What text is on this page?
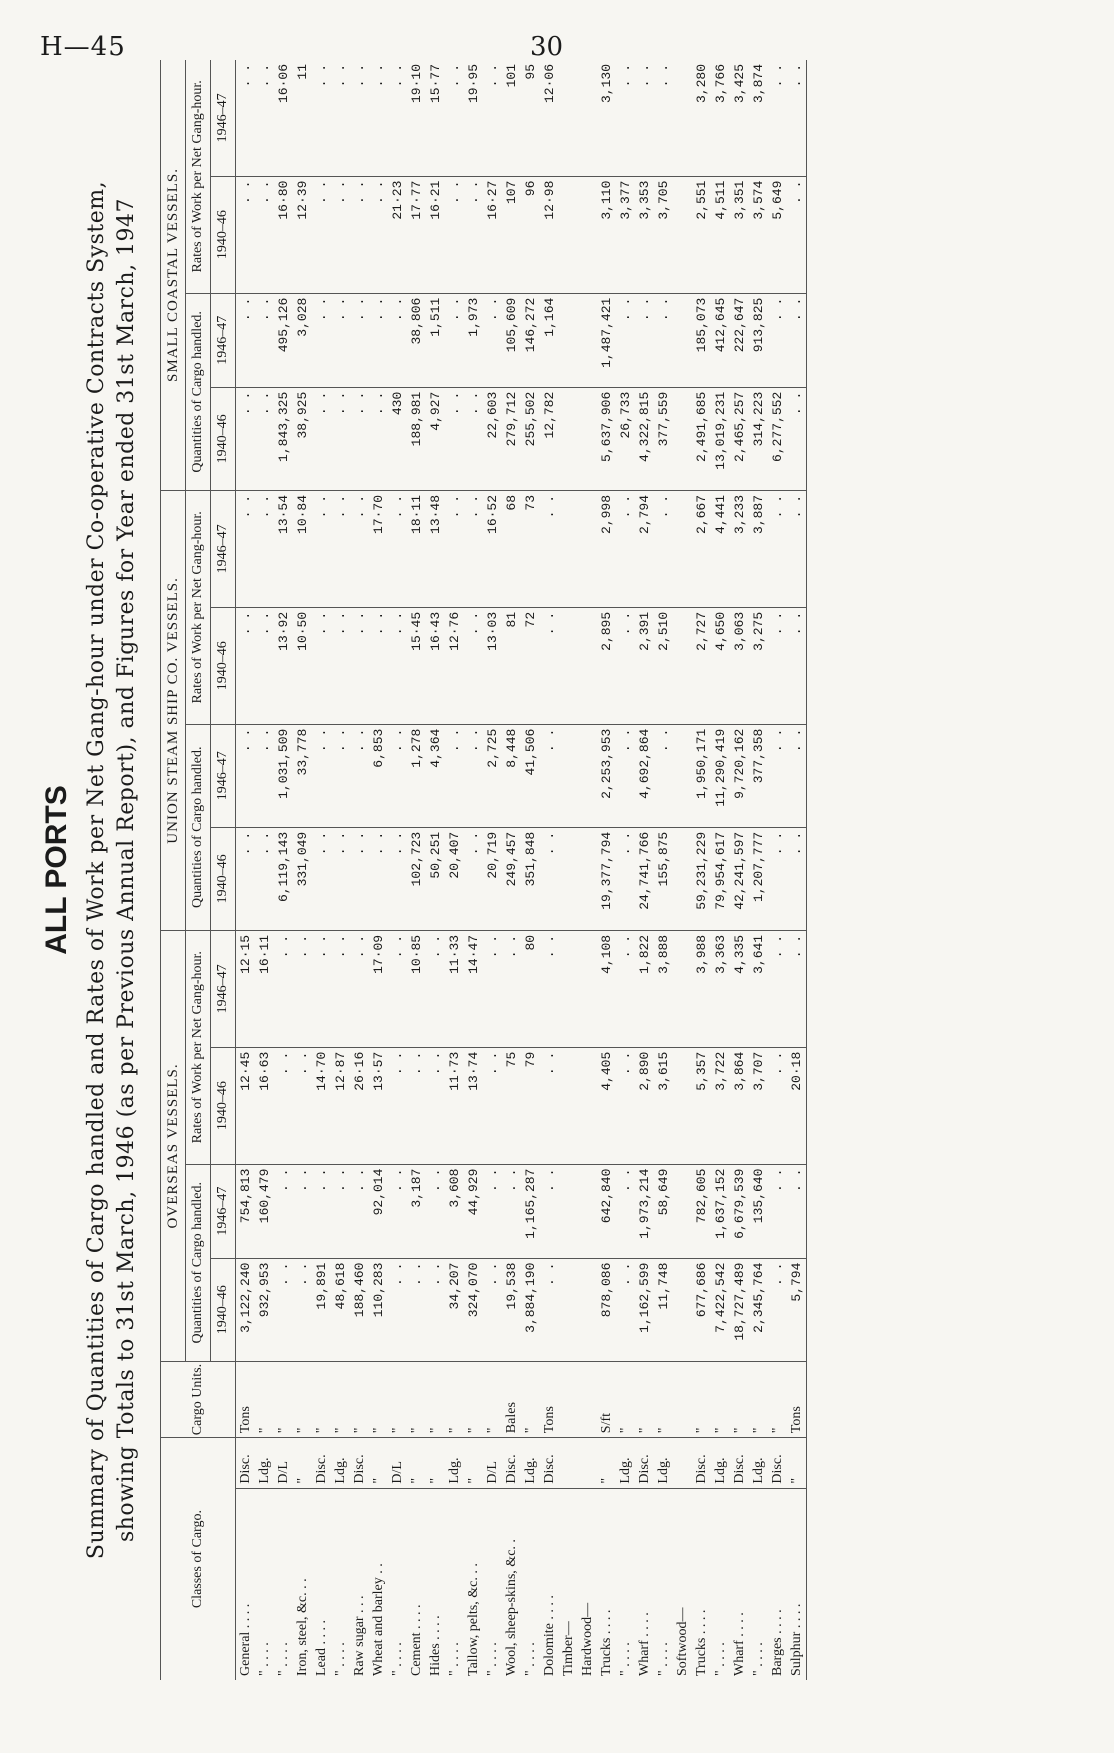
H—45	30
ALL PORTS Summary of Quantities of Cargo handled and Rates of Work per Net Gang-hour under Co-operative Contracts System, showing Totals to 31st March, 1946 (as per Previous Annual Report), and Figures for Year ended 31st March, 1947
Classes of Cargo.		Cargo Units.	OVERSEAS VESSELS.				UNION STEAM SHIP CO. VESSELS.				SMALL COASTAL VESSELS.			
			Quantities of Cargo handled.		Rates of Work per Net Gang-hour.		Quantities of Cargo handled.		Rates of Work per Net Gang-hour.		Quantities of Cargo handled.		Rates of Work per Net Gang-hour.	
			1940–46	1946–47	1940–46	1946–47	1940–46	1946–47	1940–46	1946–47	1940–46	1946–47	1940–46	1946–47
General . . . .	Disc.	Tons	3,122,240	754,813	12·45	12·15	. .	. .	. .	. .	. .	. .	. .	. .
" . . . .	Ldg.	"	932,953	160,479	16·63	16·11	. .	. .	. .	. .	. .	. .	. .	. .
" . . . .	D/L	"	. .	. .	. .	. .	6,119,143	1,031,509	13·92	13·54	1,843,325	495,126	16·80	16·06
Iron, steel, &c. . .	"	"	. .	. .	. .	. .	331,049	33,778	10·50	10·84	38,925	3,028	12·39	11
Lead . . . .	Disc.	"	19,891	. .	14·70	. .	. .	. .	. .	. .	. .	. .	. .	. .
" . . . .	Ldg.	"	48,618	. .	12·87	. .	. .	. .	. .	. .	. .	. .	. .	. .
Raw sugar . . .	Disc.	"	188,460	. .	26·16	. .	. .	. .	. .	. .	. .	. .	. .	. .
Wheat and barley . .	"	"	110,283	92,014	13·57	17·09	. .	6,853	. .	17·70	. .	. .	. .	. .
" . . . .	D/L	"	. .	. .	. .	. .	. .	. .	. .	. .	430	. .	21·23	. .
Cement . . . .	"	"	. .	3,187	. .	10·85	102,723	1,278	15·45	18·11	188,981	38,806	17·77	19·10
Hides . . . .	"	"	. .	. .	. .	. .	50,251	4,364	16·43	13·48	4,927	1,511	16·21	15·77
" . . . .	Ldg.	"	34,207	3,608	11·73	11·33	20,407	. .	12·76	. .	. .	. .	. .	. .
Tallow, pelts, &c. . .	"	"	324,070	44,929	13·74	14·47	. .	. .	. .	. .	. .	1,973	. .	19·95
" . . . .	D/L	"	. .	. .	. .	. .	20,719	2,725	13·03	16·52	22,603	. .	16·27	. .
Wool, sheep-skins, &c. .	Disc.	Bales	19,538	. .	75	. .	249,457	8,448	81	68	279,712	105,609	107	101
" . . . .	Ldg.	"	3,884,190	1,165,287	79	80	351,848	41,506	72	73	255,502	146,272	96	95
Dolomite . . . .	Disc.	Tons	. .	. .	. .	. .	. .	. .	. .	. .	12,782	1,164	12·98	12·06
Timber—														
Hardwood—														
Trucks . . . .	"	S/ft	878,086	642,840	4,405	4,108	19,377,794	2,253,953	2,895	2,998	5,637,906	1,487,421	3,110	3,130
" . . . .	Ldg.	"	. .	. .	. .	. .	. .	. .	. .	. .	26,733	. .	3,377	. .
Wharf . . . .	Disc.	"	1,162,599	1,973,214	2,890	1,822	24,741,766	4,692,864	2,391	2,794	4,322,815	. .	3,353	. .
" . . . .	Ldg.	"	11,748	58,649	3,615	3,888	155,875	. .	2,510	. .	377,559	. .	3,705	. .
Softwood—														
Trucks . . . .	Disc.	"	677,686	782,605	5,357	3,988	59,231,229	1,950,171	2,727	2,667	2,491,685	185,073	2,551	3,280
" . . . .	Ldg.	"	7,422,542	1,637,152	3,722	3,363	79,954,617	11,290,419	4,650	4,441	13,019,231	412,645	4,511	3,766
Wharf . . . .	Disc.	"	18,727,489	6,679,539	3,864	4,335	42,241,597	9,720,162	3,063	3,233	2,465,257	222,647	3,351	3,425
" . . . .	Ldg.	"	2,345,764	135,640	3,707	3,641	1,207,777	377,358	3,275	3,887	314,223	913,825	3,574	3,874
Barges . . . .	Disc.	"	. .	. .	. .	. .	. .	. .	. .	. .	6,277,552	. .	5,649	. .
Sulphur . . . .	"	Tons	5,794	. .	20·18	. .	. .	. .	. .	. .	. .	. .	. .	. .
